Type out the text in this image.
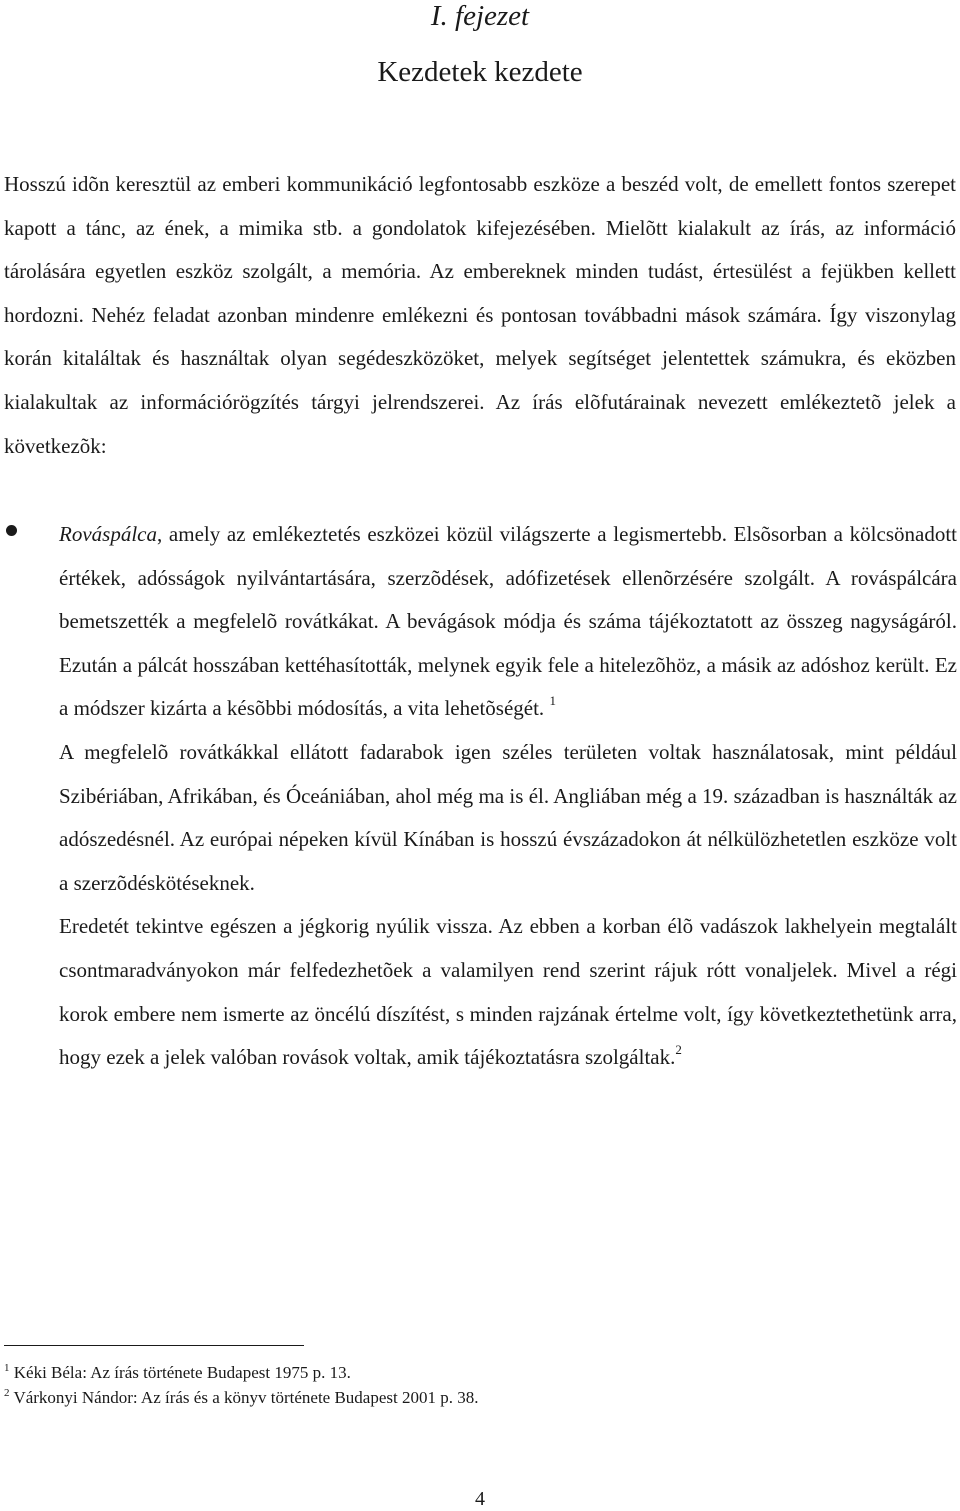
I. fejezet
Kezdetek kezdete

Hosszú idõn keresztül az emberi kommunikáció legfontosabb eszköze a beszéd volt, de emellett fontos szerepet kapott a tánc, az ének, a mimika stb. a gondolatok kifejezésében. Mielõtt kialakult az írás, az információ tárolására egyetlen eszköz szolgált, a memória. Az embereknek minden tudást, értesülést a fejükben kellett hordozni. Nehéz feladat azonban mindenre emlékezni és pontosan továbbadni mások számára. Így viszonylag korán kitaláltak és használtak olyan segédeszközöket, melyek segítséget jelentettek számukra, és eközben kialakultak az információrögzítés tárgyi jelrendszerei. Az írás elõfutárainak nevezett emlékeztetõ jelek a következõk:

Rováspálca, amely az emlékeztetés eszközei közül világszerte a legismertebb. Elsõsorban a kölcsönadott értékek, adósságok nyilvántartására, szerzõdések, adófizetések ellenõrzésére szolgált. A rováspálcára bemetszették a megfelelõ rovátkákat. A bevágások módja és száma tájékoztatott az összeg nagyságáról. Ezután a pálcát hosszában kettéhasították, melynek egyik fele a hitelezõhöz, a másik az adóshoz került. Ez a módszer kizárta a késõbbi módosítás, a vita lehetõségét. $^1$

A megfelelõ rovátkákkal ellátott fadarabok igen széles területen voltak használatosak, mint például Szibériában, Afrikában, és Óceániában, ahol még ma is él. Angliában még a 19. században is használták az adószedésnél. Az európai népeken kívül Kínában is hosszú évszázadokon át nélkülözhetetlen eszköze volt a szerzõdéskötéseknek.

Eredetét tekintve egészen a jégkorig nyúlik vissza. Az ebben a korban élõ vadászok lakhelyein megtalált csontmaradványokon már felfedezhetõek a valamilyen rend szerint rájuk rótt vonaljelek. Mivel a régi korok embere nem ismerte az öncélú díszítést, s minden rajzának értelme volt, így következtethetünk arra, hogy ezek a jelek valóban rovások voltak, amik tájékoztatásra szolgáltak.$^2$

$^1$ Kéki Béla: Az írás története Budapest 1975 p. 13.
$^2$ Várkonyi Nándor: Az írás és a könyv története Budapest 2001 p. 38.
4
